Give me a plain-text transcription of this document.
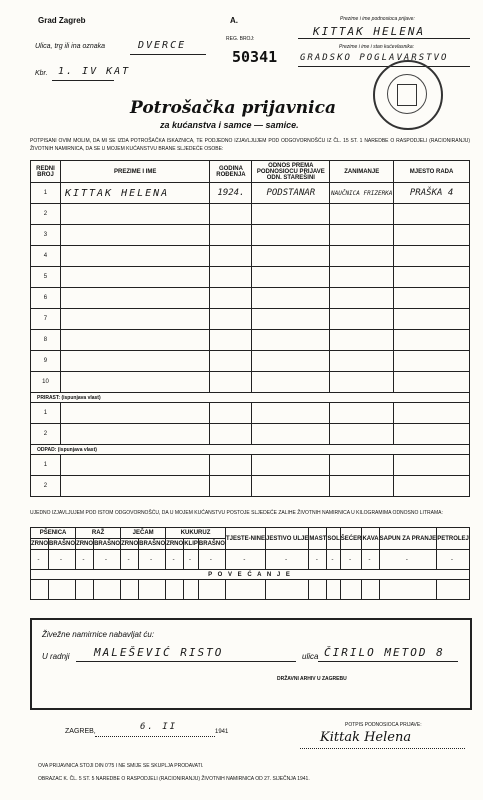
Grad Zagreb	A.
REG. BROJ:
50341
Ulica, trg ili ina oznaka	DVERCE
Kbr. 1. IV KAT
Prezime i ime podnosioca prijave:
KITTAK HELENA
Prezime i ime i stan kućevlasnika:
GRADSKO POGLAVARSTVO
Potrošačka prijavnica
za kućanstva i samce — samice.
POTPISANI OVIM MOLIM, DA MI SE IZDA POTROŠAČKA ISKAZNICA, TE PODJEDNO IZJAVLJUJEM POD ODGOVORNOŠĆU IZ ČL. 15 ST. 1 NAREDBE O RASPODJELI (RACIONIRANJU) ŽIVOTNIH NAMIRNICA, DA SE U MOJEM KUĆANSTVU BRANE SLJEDEĆE OSOBE:
REDNI BROJ	PREZIME I IME	GODINA ROĐENJA	ODNOS PREMA PODNOSIOCU PRIJAVE ODN. STAREŠINI	ZANIMANJE	MJESTO RADA
1	KITTAK HELENA	1924.	PODSTANAR	NAUČNICA FRIZERKA	PRAŠKA 4
2					
3					
4					
5					
6					
7					
8					
9					
10					
PRIRAST: (ispunjava vlast)					
1					
2					
ODPAD: (ispunjava vlast)					
1					
2					
UJEDNO IZJAVLJUJEM POD ISTOM ODGOVORNOŠĆU, DA U MOJEM KUĆANSTVU POSTOJE SLJEDEĆE ZALIHE ŽIVOTNIH NAMIRNICA U KILOGRAMIMA ODNOSNO LITRAMA:
PŠENICA		RAŽ		JEČAM		KUKURUZ			TJESTE-NINE	JESTIVO ULJE	MAST	SOL	ŠEĆER	KAVA	SAPUN ZA PRANJE	PETROLEJ
ZRNO	BRAŠNO	ZRNO	BRAŠNO	ZRNO	BRAŠNO	ZRNO	KLIP	BRAŠNO								
-	-	-	-	-	-	-	-	-	-	-	-	-	-	-	-	-
P O V E Ć A N J E																

Živežne namirnice nabavljat ću:
U radnji MALEŠEVIĆ RISTO	ulica ČIRILO METOD 8
DRŽAVNI ARHIV U ZAGREBU
ZAGREB,	6. II	1941
POTPIS PODNOSIOCA PRIJAVE:
Kittak Helena
OVA PRIJAVNICA STOJI DIN 0'75 I NE SMIJE SE SKUPLJA PRODAVATI.
OBRAZAC K. ČL. 5 ST. 5 NAREDBE O RASPODJELI (RACIONIRANJU) ŽIVOTNIH NAMIRNICA OD 27. SIJEČNJA 1941.
